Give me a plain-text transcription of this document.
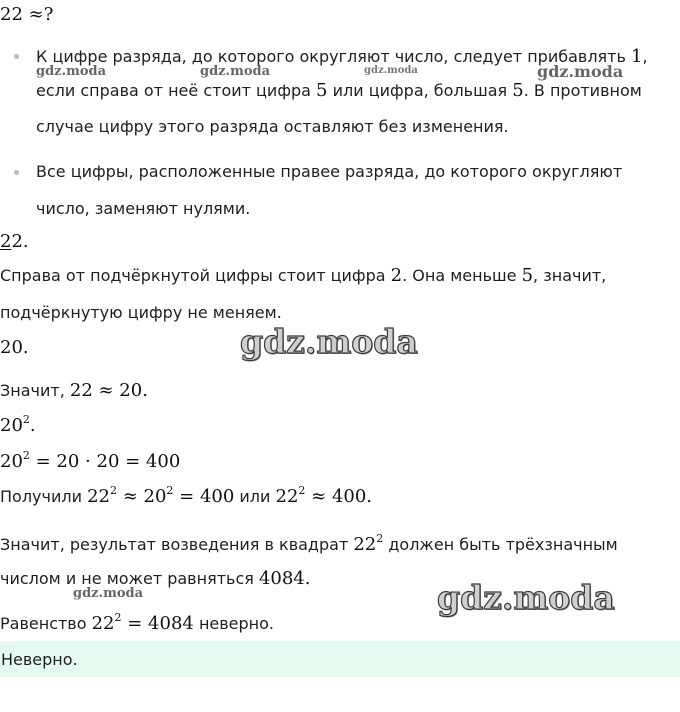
22 ≈?
К цифре разряда, до которого округляют число, следует прибавлять 1,
если справа от неё стоит цифра 5 или цифра, большая 5. В противном
случае цифру этого разряда оставляют без изменения.
Все цифры, расположенные правее разряда, до которого округляют
число, заменяют нулями.
22.
Справа от подчёркнутой цифры стоит цифра 2. Она меньше 5, значит,
подчёркнутую цифру не меняем.
20.
Значит, 22 ≈ 20.
$20^2$.
$20^2 = 20 \cdot 20 = 400$
Получили $22^2 \approx 20^2 = 400$ или $22^2 \approx 400$.
Значит, результат возведения в квадрат $22^2$ должен быть трёхзначным
числом и не может равняться 4084.
Равенство $22^2 = 4084$ неверно.
Неверно.
gdz.moda	gdz.moda	gdz.moda	gdz.moda
gdz.moda
gdz.moda	gdz.moda
